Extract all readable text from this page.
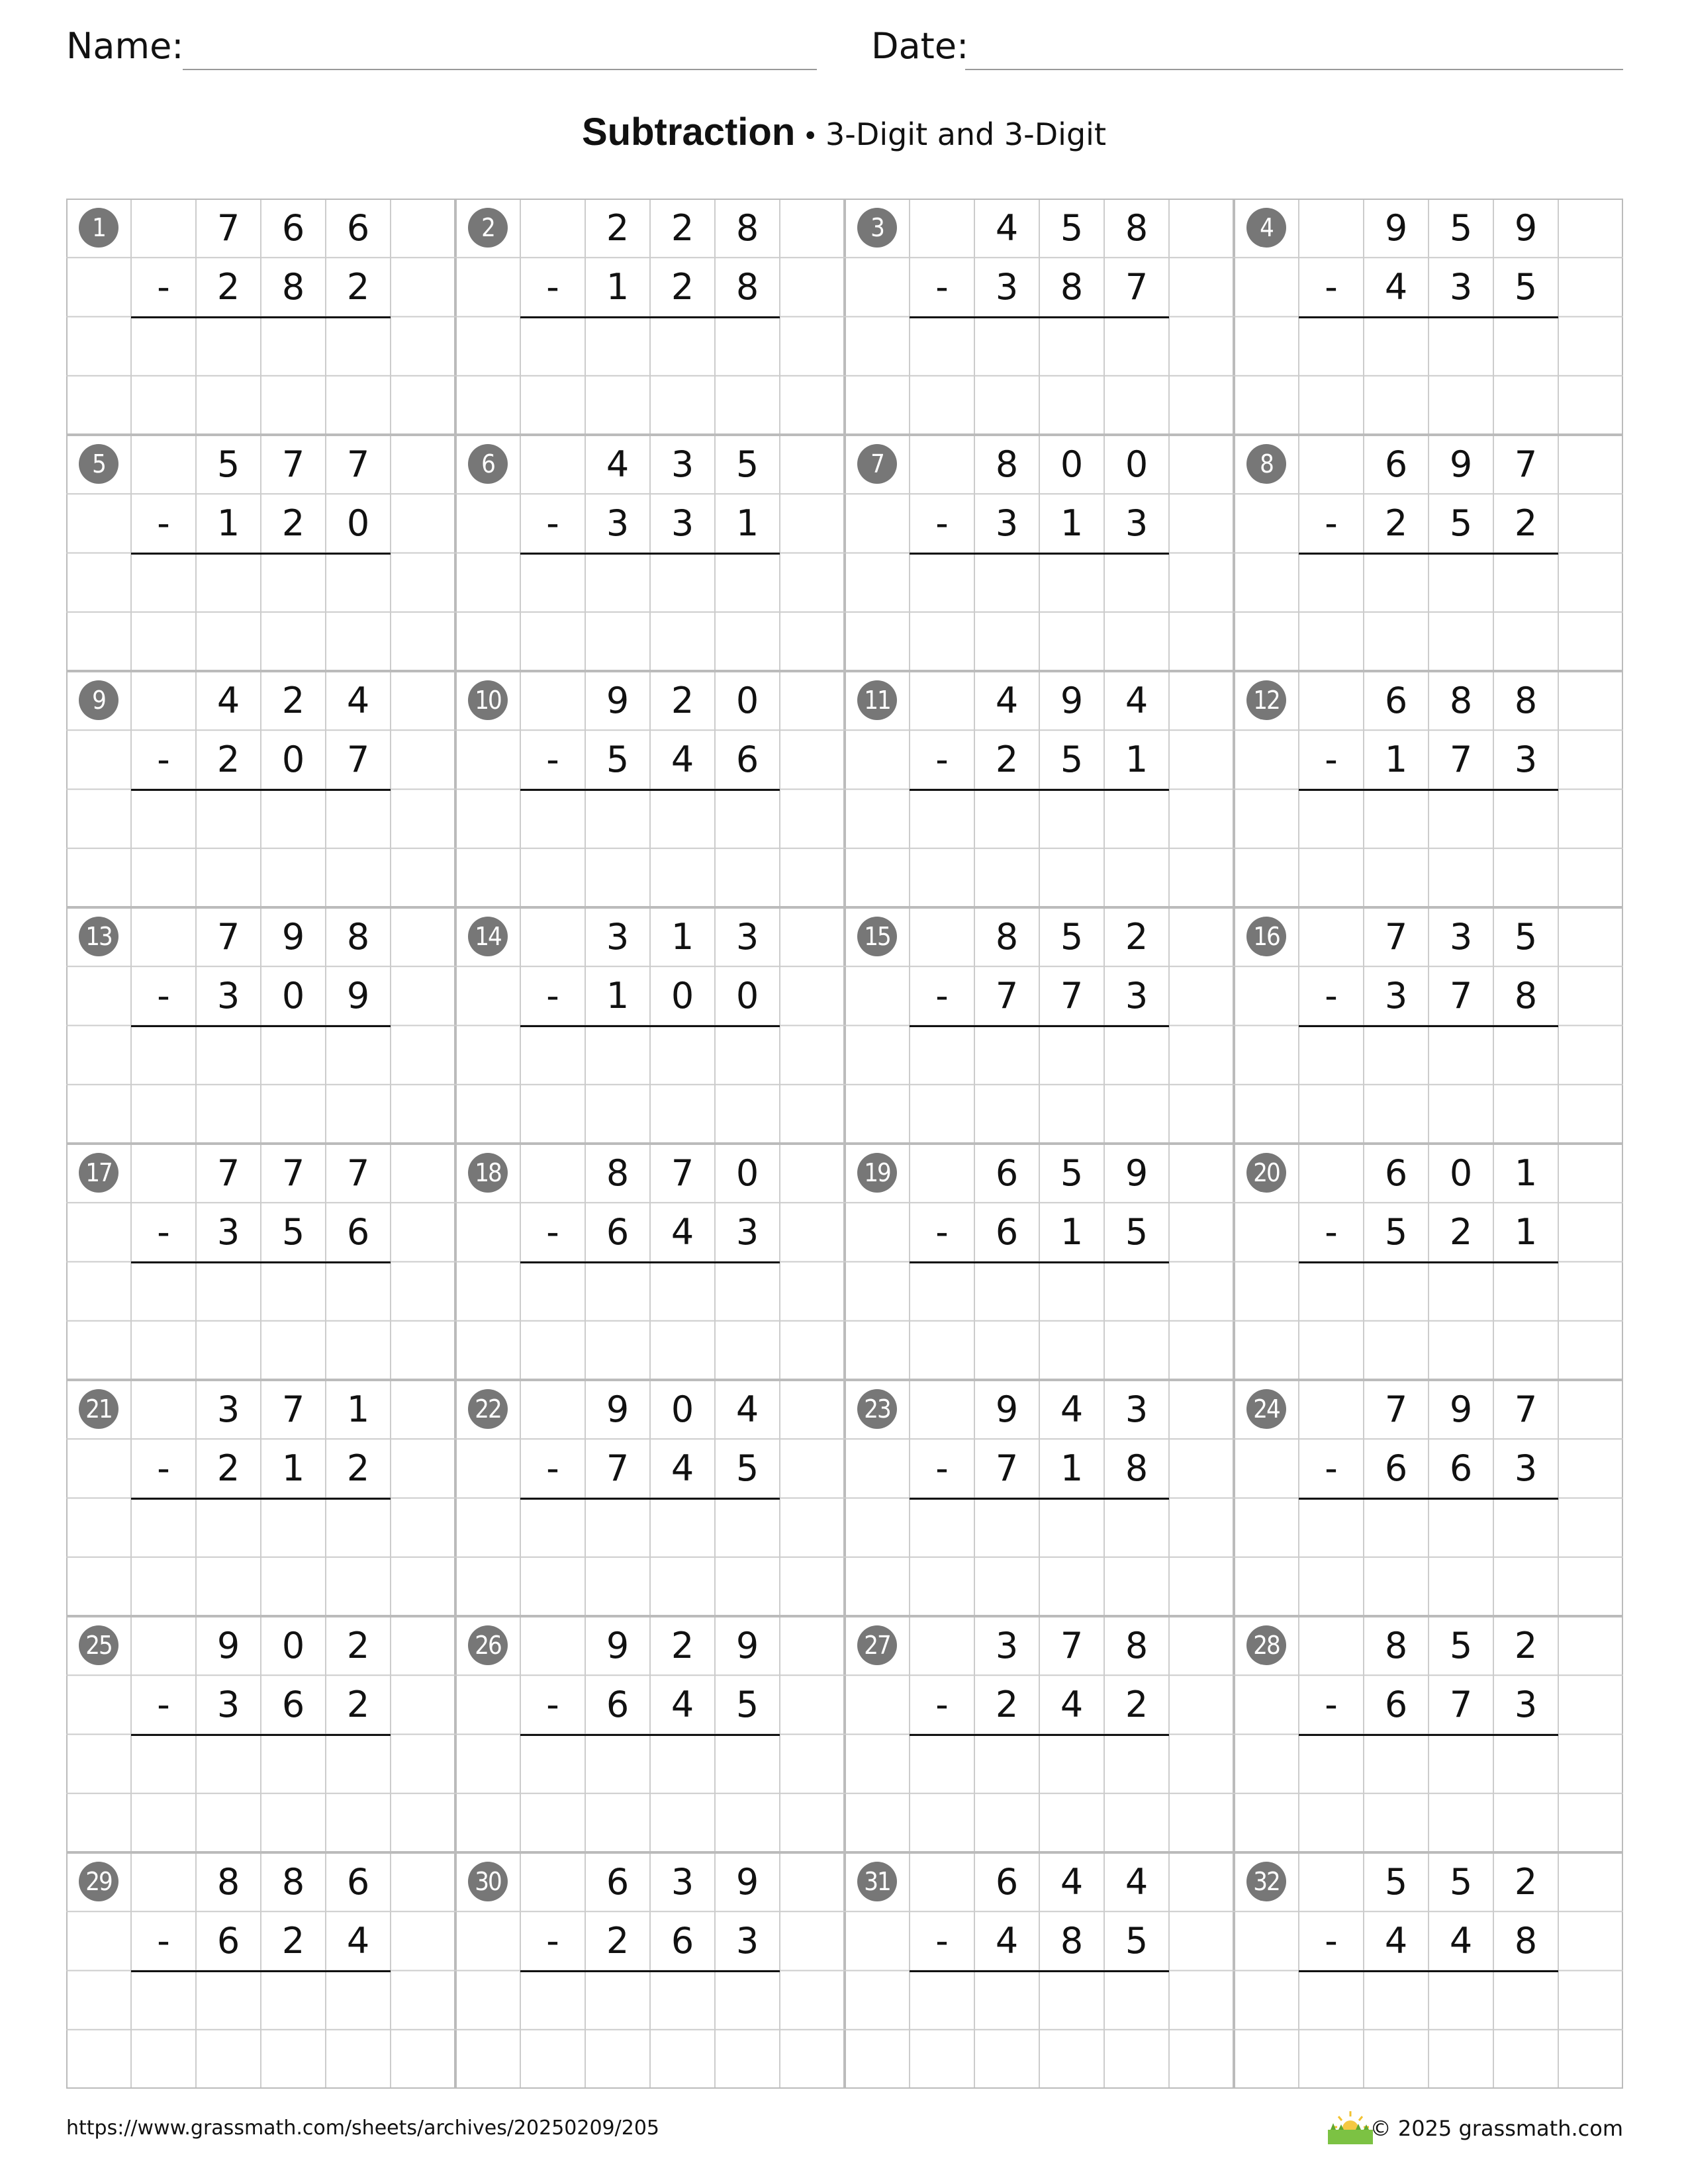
Name:	Date:
Subtraction • 3-Digit and 3-Digit
1	7	6	6
-	2	8	2
2	2	2	8
-	1	2	8
3	4	5	8
-	3	8	7
4	9	5	9
-	4	3	5
5	5	7	7
-	1	2	0
6	4	3	5
-	3	3	1
7	8	0	0
-	3	1	3
8	6	9	7
-	2	5	2
9	4	2	4
-	2	0	7
10	9	2	0
-	5	4	6
11	4	9	4
-	2	5	1
12	6	8	8
-	1	7	3
13	7	9	8
-	3	0	9
14	3	1	3
-	1	0	0
15	8	5	2
-	7	7	3
16	7	3	5
-	3	7	8
17	7	7	7
-	3	5	6
18	8	7	0
-	6	4	3
19	6	5	9
-	6	1	5
20	6	0	1
-	5	2	1
21	3	7	1
-	2	1	2
22	9	0	4
-	7	4	5
23	9	4	3
-	7	1	8
24	7	9	7
-	6	6	3
25	9	0	2
-	3	6	2
26	9	2	9
-	6	4	5
27	3	7	8
-	2	4	2
28	8	5	2
-	6	7	3
29	8	8	6
-	6	2	4
30	6	3	9
-	2	6	3
31	6	4	4
-	4	8	5
32	5	5	2
-	4	4	8
https://www.grassmath.com/sheets/archives/20250209/205	© 2025 grassmath.com
